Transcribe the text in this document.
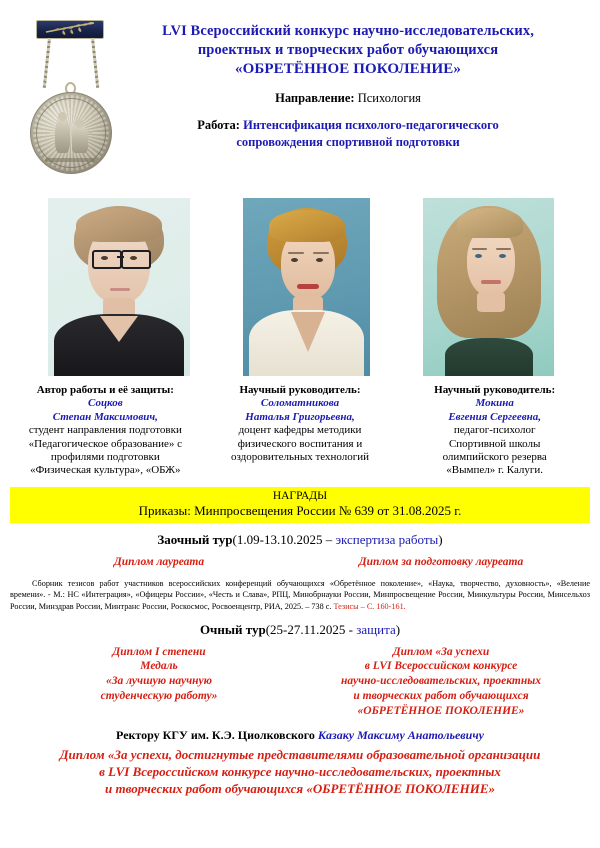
LVI Всероссийский конкурс научно-исследовательских,
проектных и творческих работ обучающихся
«ОБРЕТЁННОЕ ПОКОЛЕНИЕ»
Направление: Психология
Работа: Интенсификация психолого-педагогического
сопровождения спортивной подготовки
Автор работы и её защиты:
Соцков
Степан Максимович,
студент направления подготовки
«Педагогическое образование» с
профилями подготовки
«Физическая культура», «ОБЖ»
Научный руководитель:
Соломатникова
Наталья Григорьевна,
доцент кафедры методики
физического воспитания и
оздоровительных технологий
Научный руководитель:
Мокина
Евгения Сергеевна,
педагог-психолог
Спортивной школы
олимпийского резерва
«Вымпел» г. Калуги.
НАГРАДЫ
Приказы: Минпросвещения России № 639 от 31.08.2025 г.
Заочный тур(1.09-13.10.2025 – экспертиза работы)
Диплом лауреата	Диплом за подготовку лауреата
Сборник тезисов работ участников всероссийских конференций обучающихся «Обретённое поколение», «Наука, творчество, духовность», «Веление времени». - М.: НС «Интеграция», «Офицеры России», «Честь и Слава», РПЦ, Минобрнауки России, Минпросвещение России, Минкультуры России, Минсельхоз России, Минздрав России, Минтранс России, Роскосмос, Росвоенцентр, РИА, 2025. – 738 с. Тезисы – С. 160-161.
Очный тур(25-27.11.2025 - защита)
Диплом I степени
Медаль
«За лучшую научную
студенческую работу»
Диплом «За успехи
в LVI Всероссийском конкурсе
научно-исследовательских, проектных
и творческих работ обучающихся
«ОБРЕТЁННОЕ ПОКОЛЕНИЕ»
Ректору КГУ им. К.Э. Циолковского Казаку Максиму Анатольевичу
Диплом «За успехи, достигнутые представителями образовательной организации
в LVI Всероссийском конкурсе научно-исследовательских, проектных
и творческих работ обучающихся «ОБРЕТЁННОЕ ПОКОЛЕНИЕ»
